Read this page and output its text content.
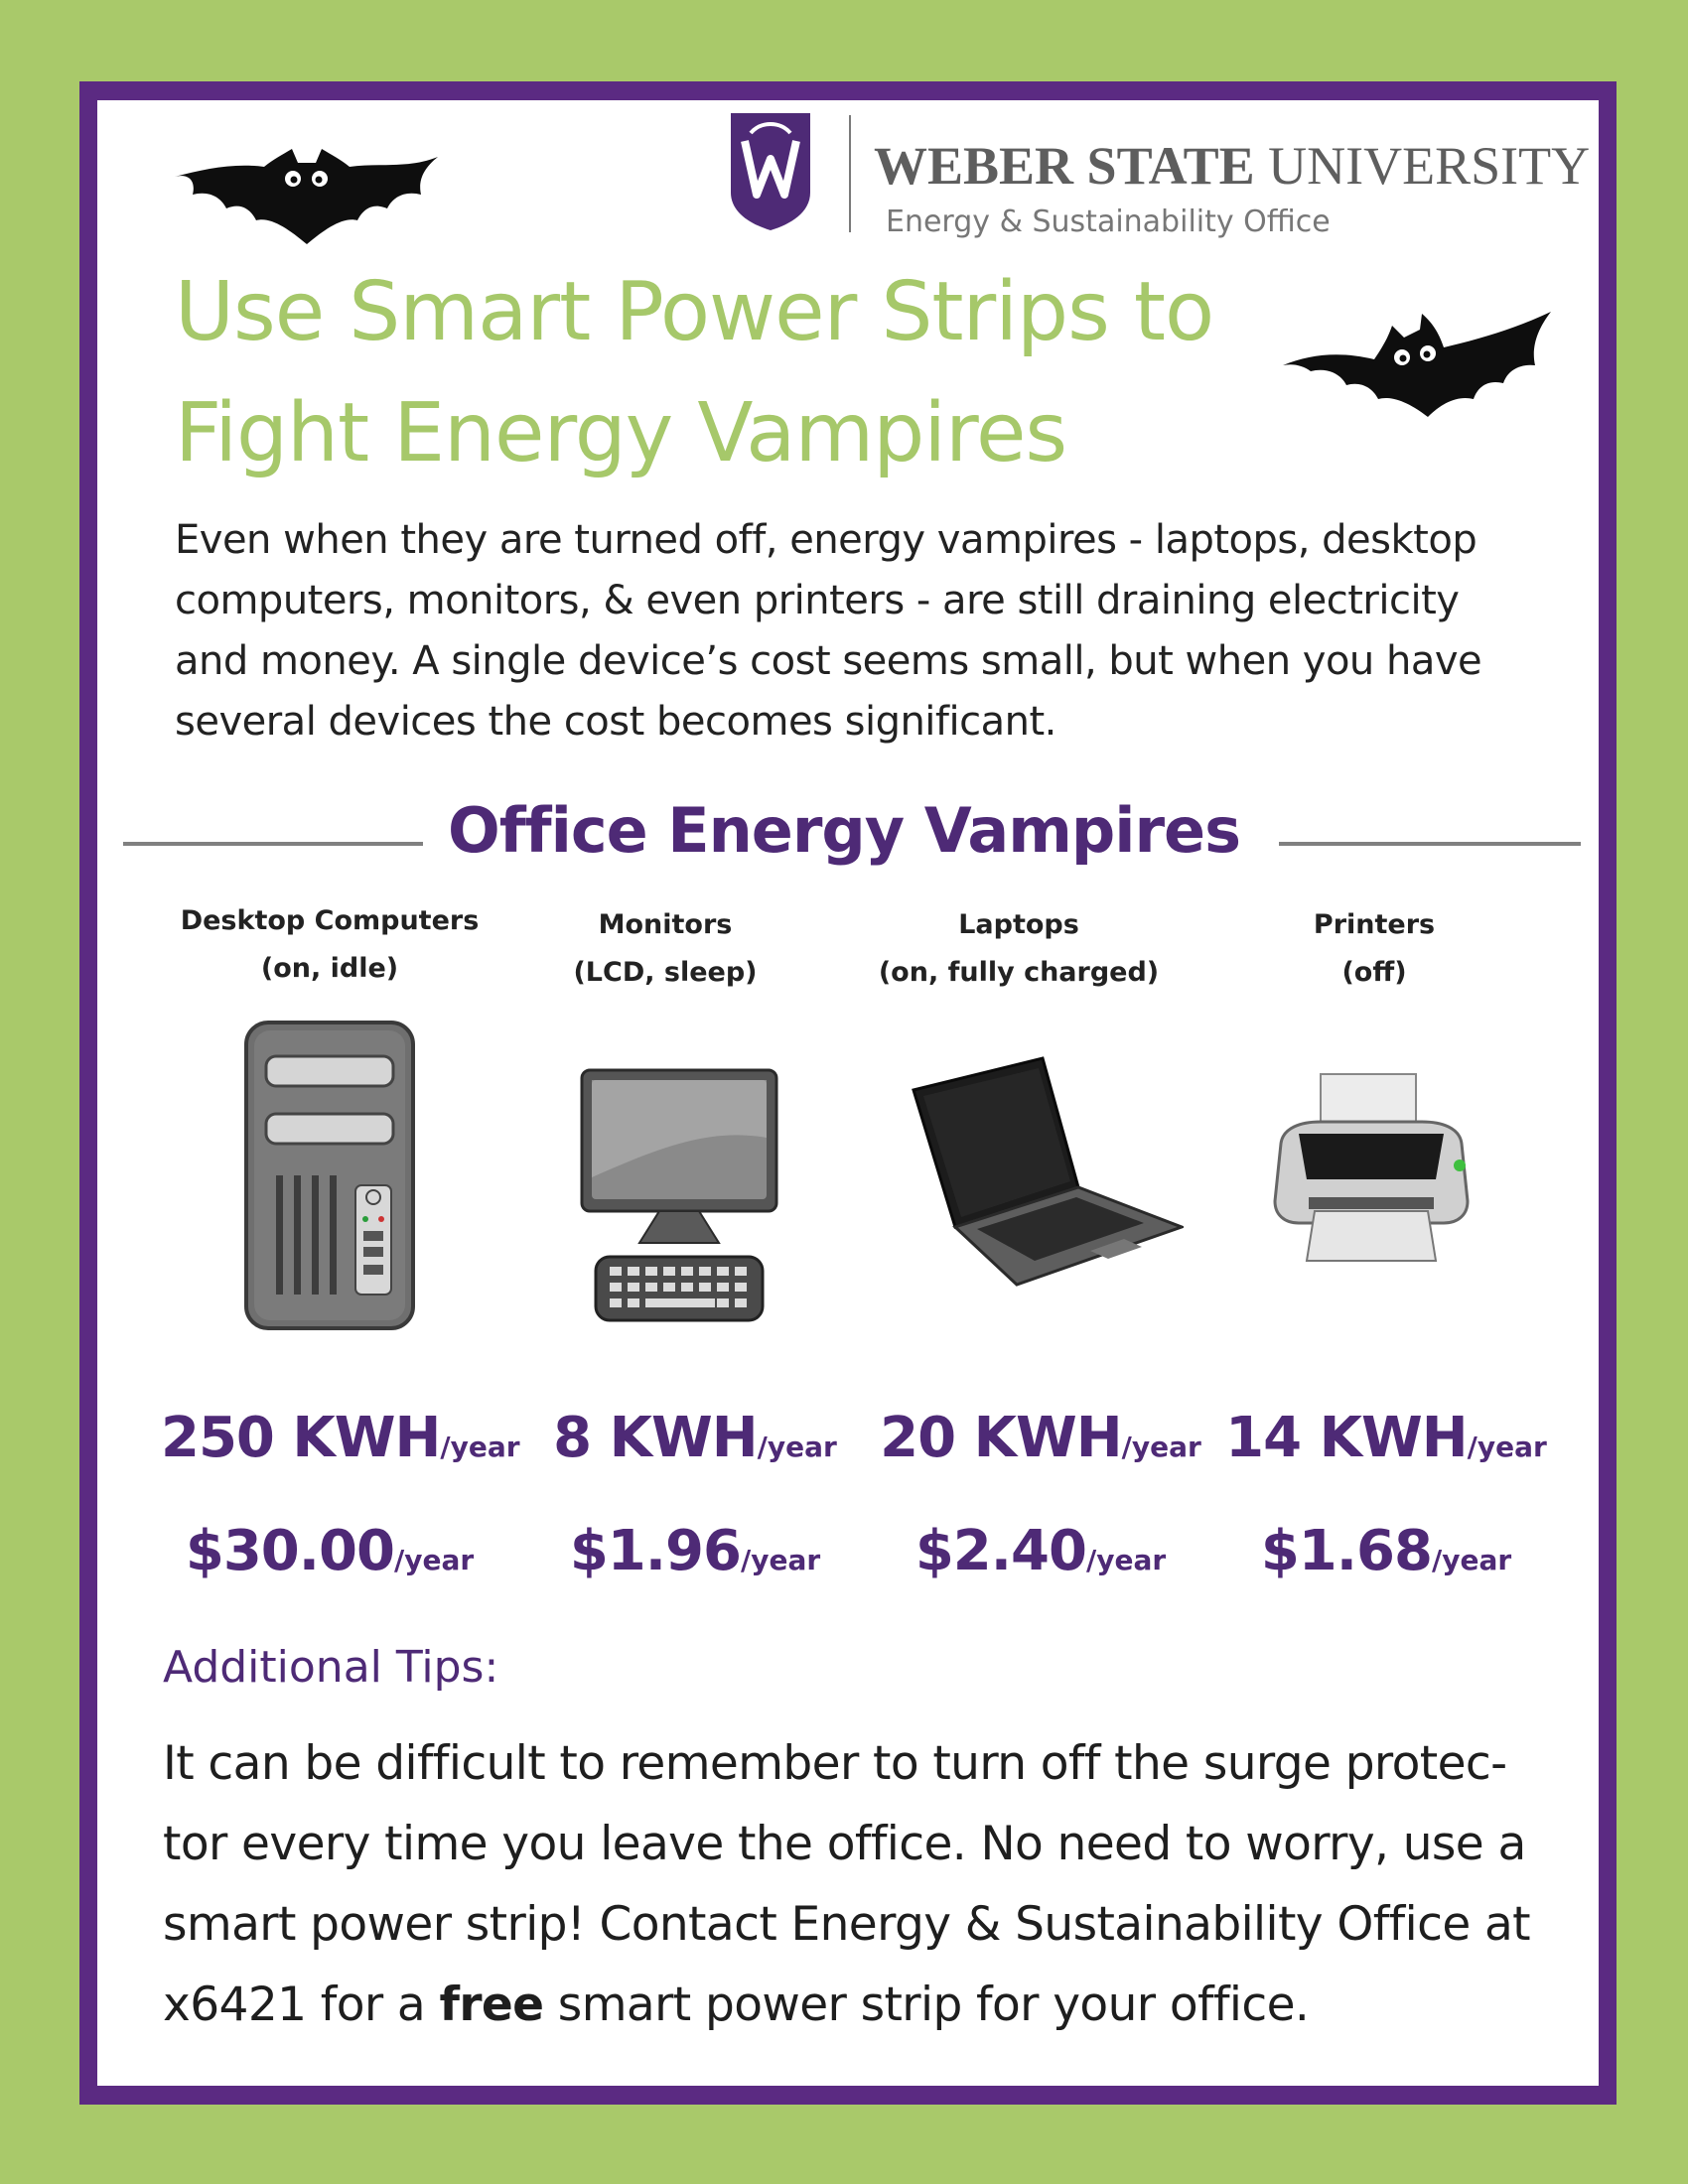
WEBER STATE UNIVERSITY
Energy & Sustainability Office
Use Smart Power Strips to
Fight Energy Vampires
Even when they are turned off, energy vampires - laptops, desktop
computers, monitors, & even printers - are still draining electricity
and money. A single device’s cost seems small, but when you have
several devices the cost becomes significant.
Office Energy Vampires
Desktop Computers
(on, idle)
Monitors
(LCD, sleep)
Laptops
(on, fully charged)
Printers
(off)
250 KWH/year 8 KWH/year 20 KWH/year 14 KWH/year
$30.00/year	$1.96/year	$2.40/year	$1.68/year
Additional Tips:
It can be difficult to remember to turn off the surge protec-
tor every time you leave the office. No need to worry, use a
smart power strip! Contact Energy & Sustainability Office at
x6421 for a free smart power strip for your office.
